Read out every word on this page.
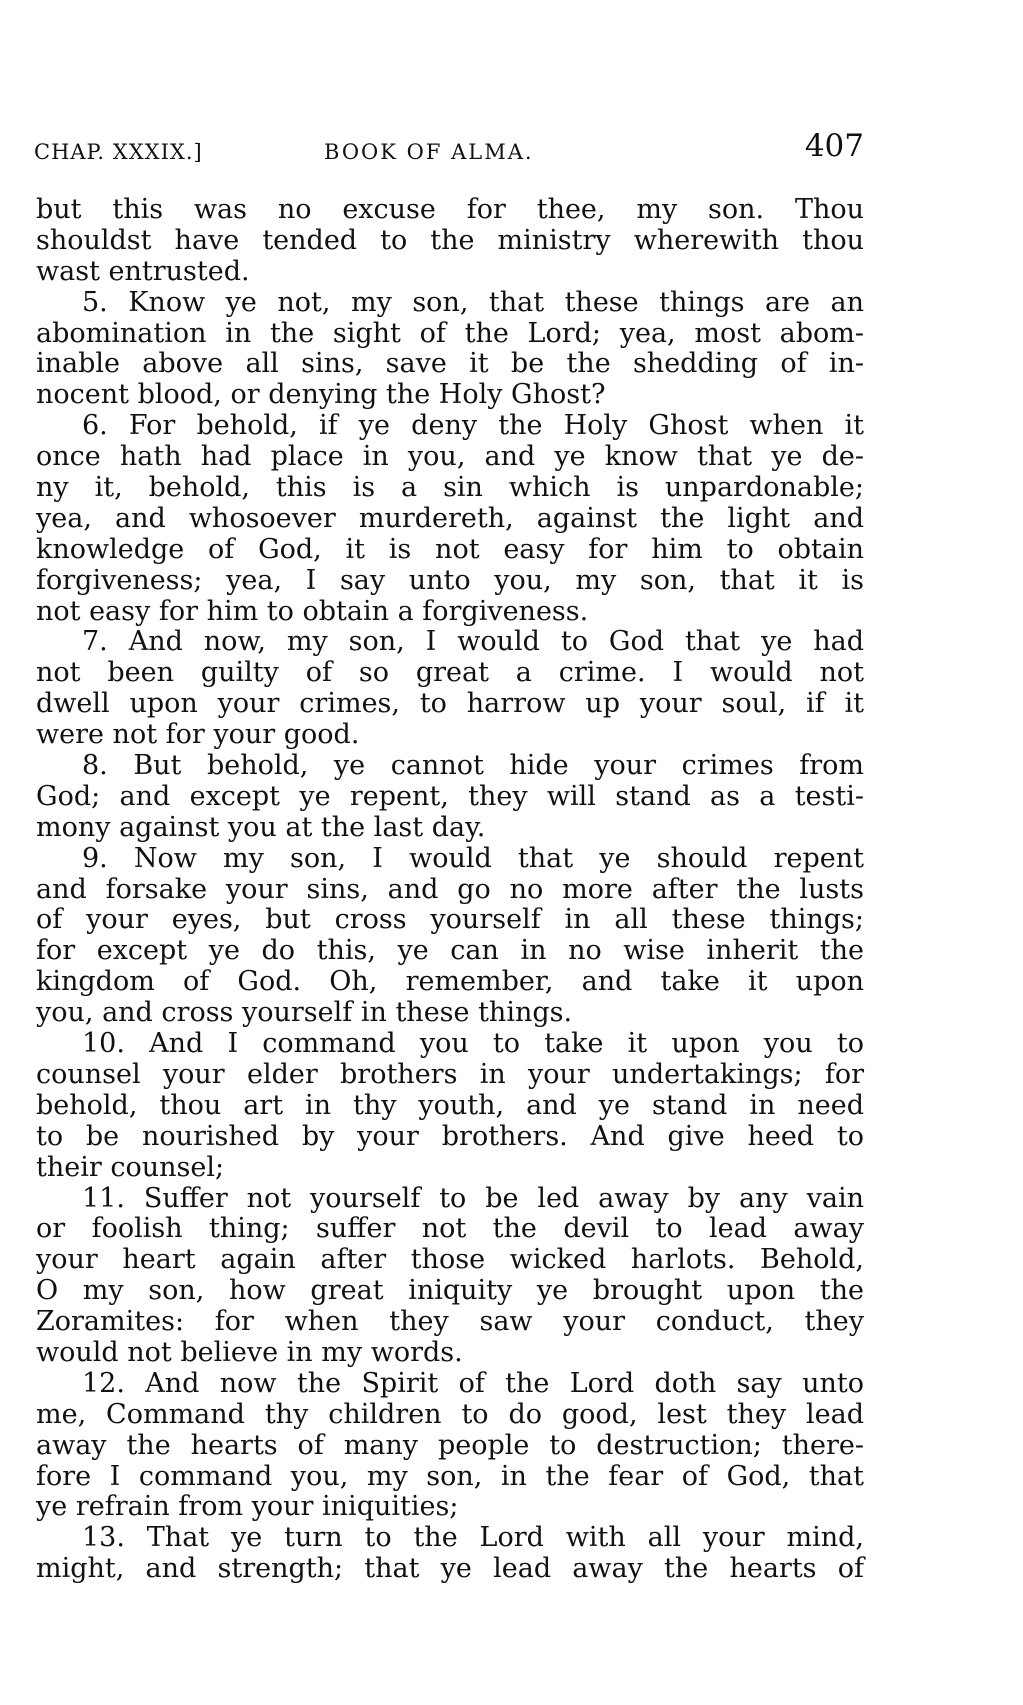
CHAP. XXXIX.]	BOOK OF ALMA.	407
but this was no excuse for thee, my son. Thou
shouldst have tended to the ministry wherewith thou
wast entrusted.
5. Know ye not, my son, that these things are an
abomination in the sight of the Lord; yea, most abom-
inable above all sins, save it be the shedding of in-
nocent blood, or denying the Holy Ghost?
6. For behold, if ye deny the Holy Ghost when it
once hath had place in you, and ye know that ye de-
ny it, behold, this is a sin which is unpardonable;
yea, and whosoever murdereth, against the light and
knowledge of God, it is not easy for him to obtain
forgiveness; yea, I say unto you, my son, that it is
not easy for him to obtain a forgiveness.
7. And now, my son, I would to God that ye had
not been guilty of so great a crime. I would not
dwell upon your crimes, to harrow up your soul, if it
were not for your good.
8. But behold, ye cannot hide your crimes from
God; and except ye repent, they will stand as a testi-
mony against you at the last day.
9. Now my son, I would that ye should repent
and forsake your sins, and go no more after the lusts
of your eyes, but cross yourself in all these things;
for except ye do this, ye can in no wise inherit the
kingdom of God. Oh, remember, and take it upon
you, and cross yourself in these things.
10. And I command you to take it upon you to
counsel your elder brothers in your undertakings; for
behold, thou art in thy youth, and ye stand in need
to be nourished by your brothers. And give heed to
their counsel;
11. Suffer not yourself to be led away by any vain
or foolish thing; suffer not the devil to lead away
your heart again after those wicked harlots. Behold,
O my son, how great iniquity ye brought upon the
Zoramites: for when they saw your conduct, they
would not believe in my words.
12. And now the Spirit of the Lord doth say unto
me, Command thy children to do good, lest they lead
away the hearts of many people to destruction; there-
fore I command you, my son, in the fear of God, that
ye refrain from your iniquities;
13. That ye turn to the Lord with all your mind,
might, and strength; that ye lead away the hearts of
